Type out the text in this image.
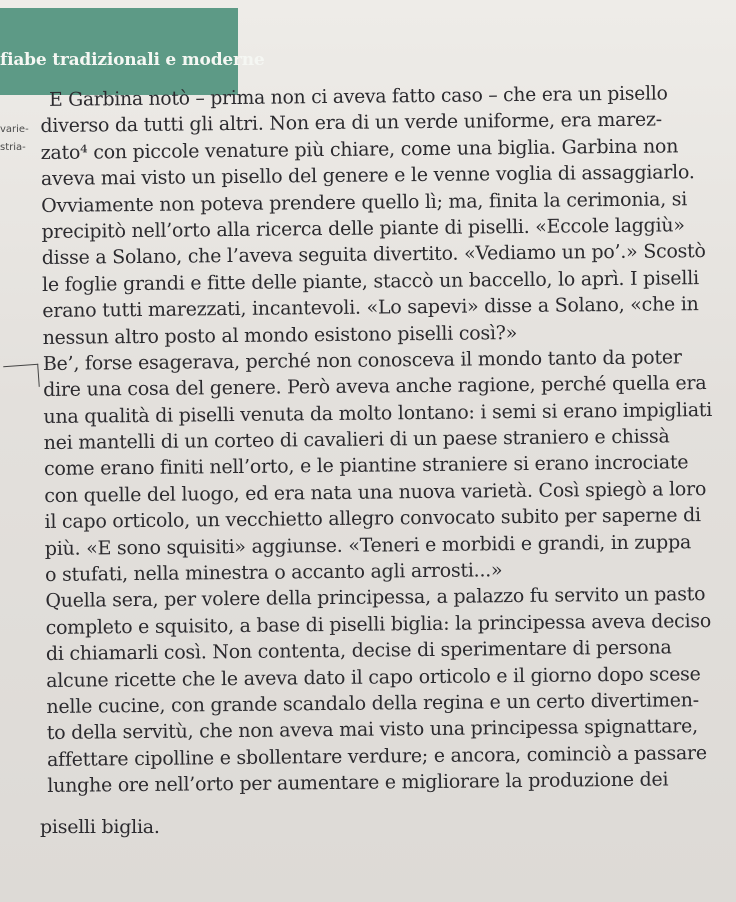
fiabe tradizionali e moderne
varie-
stria-
E Garbina notò – prima non ci aveva fatto caso – che era un pisello
diverso da tutti gli altri. Non era di un verde uniforme, era marez-
zato⁴ con piccole venature più chiare, come una biglia. Garbina non
aveva mai visto un pisello del genere e le venne voglia di assaggiarlo.
Ovviamente non poteva prendere quello lì; ma, finita la cerimonia, si
precipitò nell’orto alla ricerca delle piante di piselli. «Eccole laggiù»
disse a Solano, che l’aveva seguita divertito. «Vediamo un po’.» Scostò
le foglie grandi e fitte delle piante, staccò un baccello, lo aprì. I piselli
erano tutti marezzati, incantevoli. «Lo sapevi» disse a Solano, «che in
nessun altro posto al mondo esistono piselli così?»
Be’, forse esagerava, perché non conosceva il mondo tanto da poter
dire una cosa del genere. Però aveva anche ragione, perché quella era
una qualità di piselli venuta da molto lontano: i semi si erano impigliati
nei mantelli di un corteo di cavalieri di un paese straniero e chissà
come erano finiti nell’orto, e le piantine straniere si erano incrociate
con quelle del luogo, ed era nata una nuova varietà. Così spiegò a loro
il capo orticolo, un vecchietto allegro convocato subito per saperne di
più. «E sono squisiti» aggiunse. «Teneri e morbidi e grandi, in zuppa
o stufati, nella minestra o accanto agli arrosti...»
Quella sera, per volere della principessa, a palazzo fu servito un pasto
completo e squisito, a base di piselli biglia: la principessa aveva deciso
di chiamarli così. Non contenta, decise di sperimentare di persona
alcune ricette che le aveva dato il capo orticolo e il giorno dopo scese
nelle cucine, con grande scandalo della regina e un certo divertimen-
to della servitù, che non aveva mai visto una principessa spignattare,
affettare cipolline e sbollentare verdure; e ancora, cominciò a passare
lunghe ore nell’orto per aumentare e migliorare la produzione dei
piselli biglia.
